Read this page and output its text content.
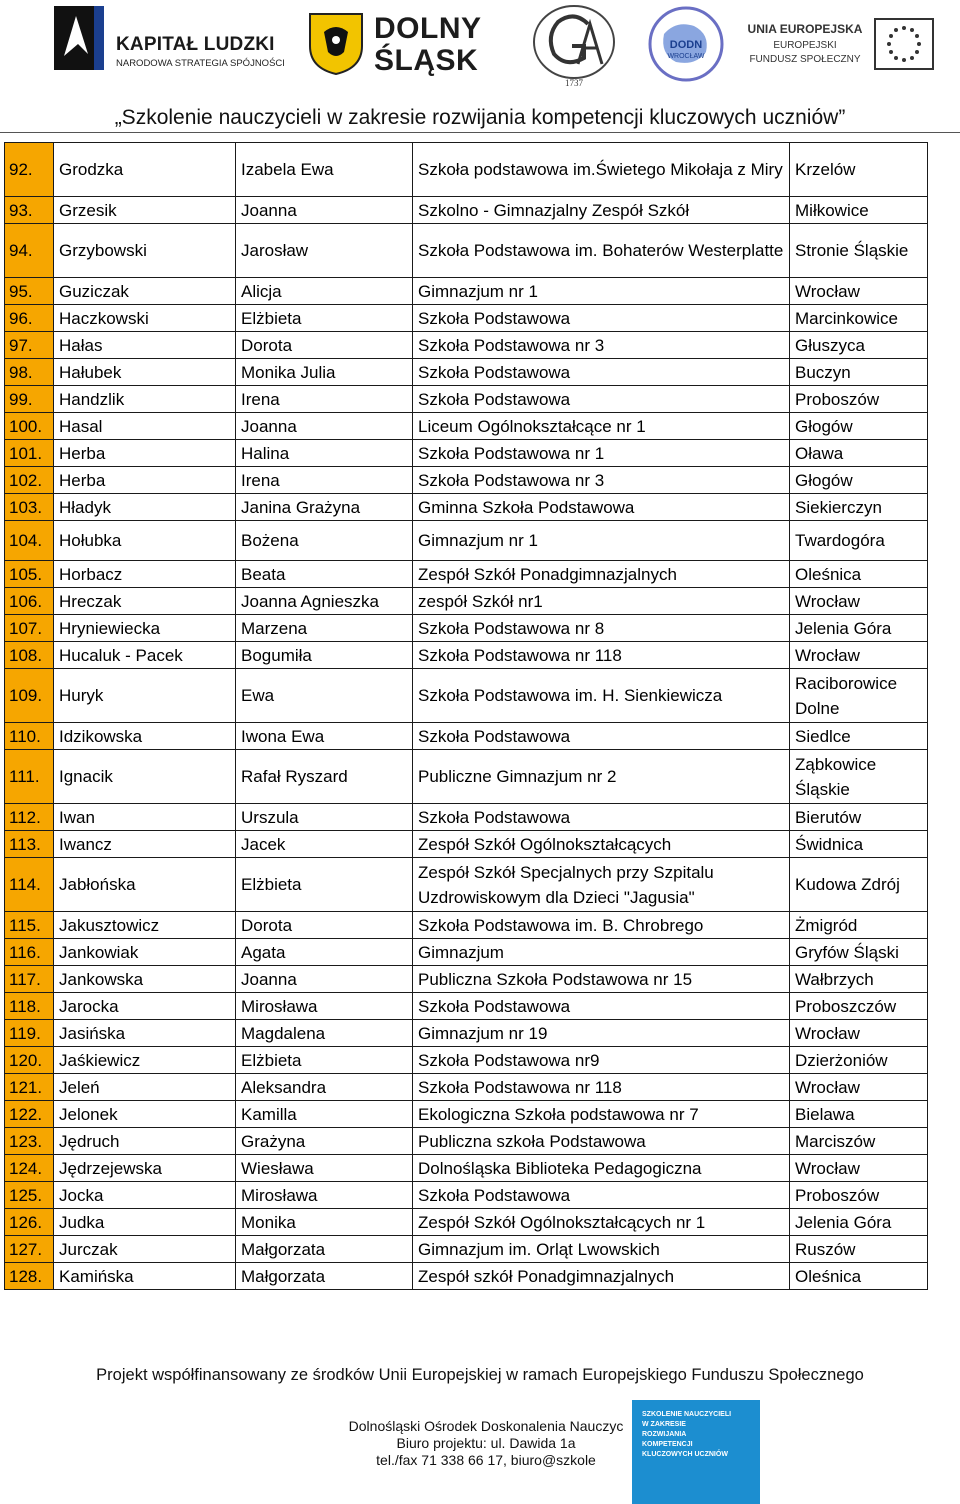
KAPITAŁ LUDZKI
NARODOWA STRATEGIA SPÓJNOŚCI
DOLNY
ŚLĄSK
1737
DODN
WROCŁAW
UNIA EUROPEJSKA
EUROPEJSKI
FUNDUSZ SPOŁECZNY
„Szkolenie nauczycieli w zakresie rozwijania kompetencji kluczowych uczniów”
92.	Grodzka	Izabela Ewa	Szkoła podstawowa im.Świetego Mikołaja z Miry	Krzelów
93.	Grzesik	Joanna	Szkolno - Gimnazjalny Zespół Szkół	Miłkowice
94.	Grzybowski	Jarosław	Szkoła Podstawowa im. Bohaterów Westerplatte	Stronie Śląskie
95.	Guziczak	Alicja	Gimnazjum nr 1	Wrocław
96.	Haczkowski	Elżbieta	Szkoła Podstawowa	Marcinkowice
97.	Hałas	Dorota	Szkoła Podstawowa nr 3	Głuszyca
98.	Hałubek	Monika Julia	Szkoła Podstawowa	Buczyn
99.	Handzlik	Irena	Szkoła Podstawowa	Proboszów
100.	Hasal	Joanna	Liceum Ogólnokształcące nr 1	Głogów
101.	Herba	Halina	Szkoła Podstawowa nr 1	Oława
102.	Herba	Irena	Szkoła Podstawowa nr 3	Głogów
103.	Hładyk	Janina Grażyna	Gminna Szkoła Podstawowa	Siekierczyn
104.	Hołubka	Bożena	Gimnazjum nr 1	Twardogóra
105.	Horbacz	Beata	Zespół Szkół Ponadgimnazjalnych	Oleśnica
106.	Hreczak	Joanna Agnieszka	zespół Szkół nr1	Wrocław
107.	Hryniewiecka	Marzena	Szkoła Podstawowa nr 8	Jelenia Góra
108.	Hucaluk - Pacek	Bogumiła	Szkoła Podstawowa nr 118	Wrocław
109.	Huryk	Ewa	Szkoła Podstawowa im. H. Sienkiewicza	Raciborowice Dolne
110.	Idzikowska	Iwona Ewa	Szkoła Podstawowa	Siedlce
111.	Ignacik	Rafał Ryszard	Publiczne Gimnazjum nr 2	Ząbkowice Śląskie
112.	Iwan	Urszula	Szkoła Podstawowa	Bierutów
113.	Iwancz	Jacek	Zespół Szkół Ogólnokształcących	Świdnica
114.	Jabłońska	Elżbieta	Zespół Szkół Specjalnych przy Szpitalu Uzdrowiskowym dla Dzieci "Jagusia"	Kudowa Zdrój
115.	Jakusztowicz	Dorota	Szkoła Podstawowa im. B. Chrobrego	Żmigród
116.	Jankowiak	Agata	Gimnazjum	Gryfów Śląski
117.	Jankowska	Joanna	Publiczna Szkoła Podstawowa nr 15	Wałbrzych
118.	Jarocka	Mirosława	Szkoła Podstawowa	Proboszczów
119.	Jasińska	Magdalena	Gimnazjum nr 19	Wrocław
120.	Jaśkiewicz	Elżbieta	Szkoła Podstawowa nr9	Dzierżoniów
121.	Jeleń	Aleksandra	Szkoła Podstawowa nr 118	Wrocław
122.	Jelonek	Kamilla	Ekologiczna Szkoła podstawowa nr 7	Bielawa
123.	Jędruch	Grażyna	Publiczna szkoła Podstawowa	Marciszów
124.	Jędrzejewska	Wiesława	Dolnośląska Biblioteka Pedagogiczna	Wrocław
125.	Jocka	Mirosława	Szkoła Podstawowa	Proboszów
126.	Judka	Monika	Zespół Szkół Ogólnokształcących nr 1	Jelenia Góra
127.	Jurczak	Małgorzata	Gimnazjum im. Orląt Lwowskich	Ruszów
128.	Kamińska	Małgorzata	Zespół szkół Ponadgimnazjalnych	Oleśnica
Projekt współfinansowany ze środków Unii Europejskiej w ramach Europejskiego Funduszu Społecznego
Dolnośląski Ośrodek Doskonalenia Nauczyc
Biuro projektu: ul. Dawida 1a
tel./fax 71 338 66 17, biuro@szkole
SZKOLENIE NAUCZYCIELI
W ZAKRESIE
ROZWIJANIA
KOMPETENCJI
KLUCZOWYCH UCZNIÓW
